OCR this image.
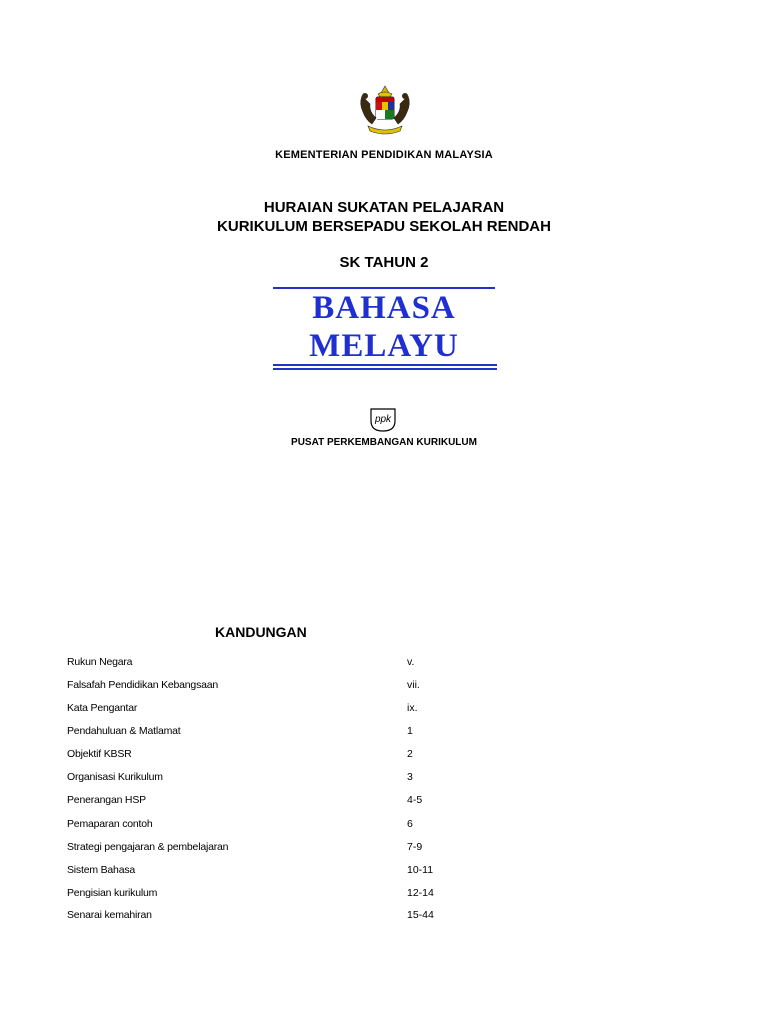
KEMENTERIAN PENDIDIKAN MALAYSIA
HURAIAN SUKATAN PELAJARAN
KURIKULUM BERSEPADU SEKOLAH RENDAH
SK TAHUN 2
BAHASA
MELAYU
ppk
PUSAT PERKEMBANGAN KURIKULUM
KANDUNGAN
Rukun Negara	v.
Falsafah Pendidikan Kebangsaan	vii.
Kata Pengantar	ix.
Pendahuluan & Matlamat	1
Objektif KBSR	2
Organisasi Kurikulum	3
Penerangan HSP	4-5
Pemaparan contoh	6
Strategi pengajaran & pembelajaran	7-9
Sistem Bahasa	10-11
Pengisian kurikulum	12-14
Senarai kemahiran	15-44
